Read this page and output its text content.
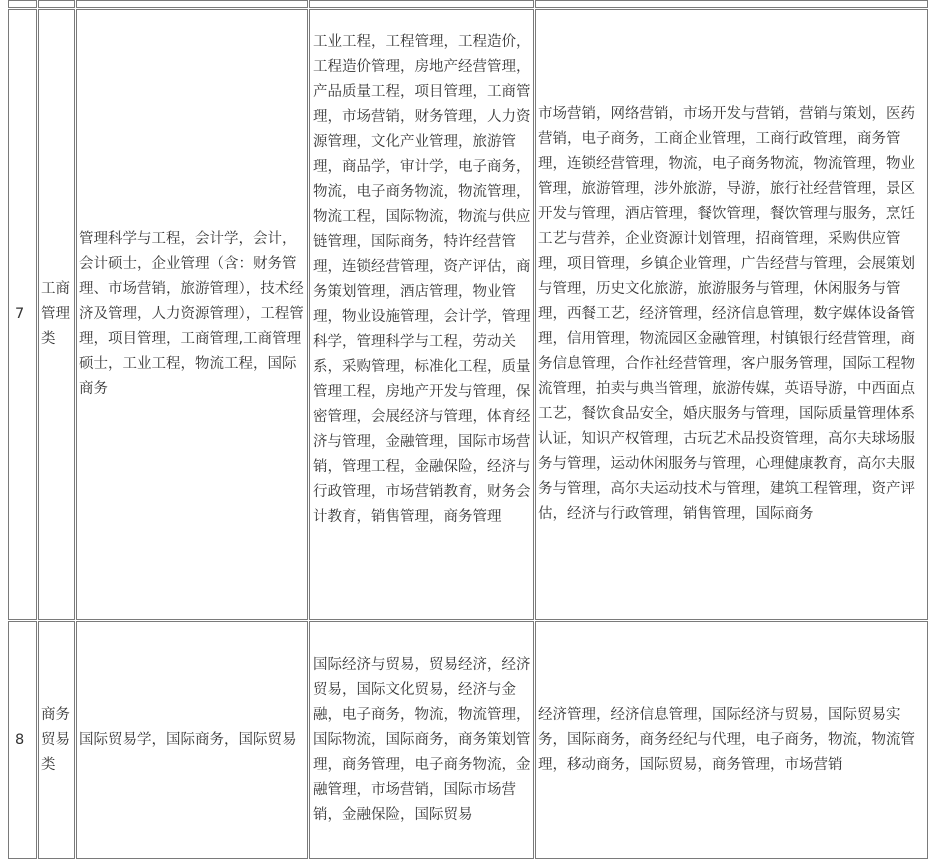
7
工商管理类
管理科学与工程，会计学，会计，会计硕士，企业管理（含：财务管理、市场营销，旅游管理），技术经济及管理，人力资源管理），工程管理，项目管理，工商管理,工商管理硕士，工业工程，物流工程，国际商务
工业工程，工程管理，工程造价，工程造价管理，房地产经营管理，产品质量工程，项目管理，工商管理，市场营销，财务管理，人力资源管理，文化产业管理，旅游管理，商品学，审计学，电子商务，物流，电子商务物流，物流管理，物流工程，国际物流，物流与供应链管理，国际商务，特许经营管理，连锁经营管理，资产评估，商务策划管理，酒店管理，物业管理，物业设施管理，会计学，管理科学，管理科学与工程，劳动关系，采购管理，标准化工程，质量管理工程，房地产开发与管理，保密管理，会展经济与管理，体育经济与管理，金融管理，国际市场营销，管理工程，金融保险，经济与行政管理，市场营销教育，财务会计教育，销售管理，商务管理
市场营销，网络营销，市场开发与营销，营销与策划，医药营销，电子商务，工商企业管理，工商行政管理，商务管理，连锁经营管理，物流，电子商务物流，物流管理，物业管理，旅游管理，涉外旅游，导游，旅行社经营管理，景区开发与管理，酒店管理，餐饮管理，餐饮管理与服务，烹饪工艺与营养，企业资源计划管理，招商管理，采购供应管理，项目管理，乡镇企业管理，广告经营与管理，会展策划与管理，历史文化旅游，旅游服务与管理，休闲服务与管理，西餐工艺，经济管理，经济信息管理，数字媒体设备管理，信用管理，物流园区金融管理，村镇银行经营管理，商务信息管理，合作社经营管理，客户服务管理，国际工程物流管理，拍卖与典当管理，旅游传媒，英语导游，中西面点工艺，餐饮食品安全，婚庆服务与管理，国际质量管理体系认证，知识产权管理，古玩艺术品投资管理，高尔夫球场服务与管理，运动休闲服务与管理，心理健康教育，高尔夫服务与管理，高尔夫运动技术与管理，建筑工程管理，资产评估，经济与行政管理，销售管理，国际商务
8
商务贸易类
国际贸易学，国际商务，国际贸易
国际经济与贸易，贸易经济，经济贸易，国际文化贸易，经济与金融，电子商务，物流，物流管理，国际物流，国际商务，商务策划管理，商务管理，电子商务物流，金融管理，市场营销，国际市场营销，金融保险，国际贸易
经济管理，经济信息管理，国际经济与贸易，国际贸易实务，国际商务，商务经纪与代理，电子商务，物流，物流管理，移动商务，国际贸易，商务管理，市场营销
